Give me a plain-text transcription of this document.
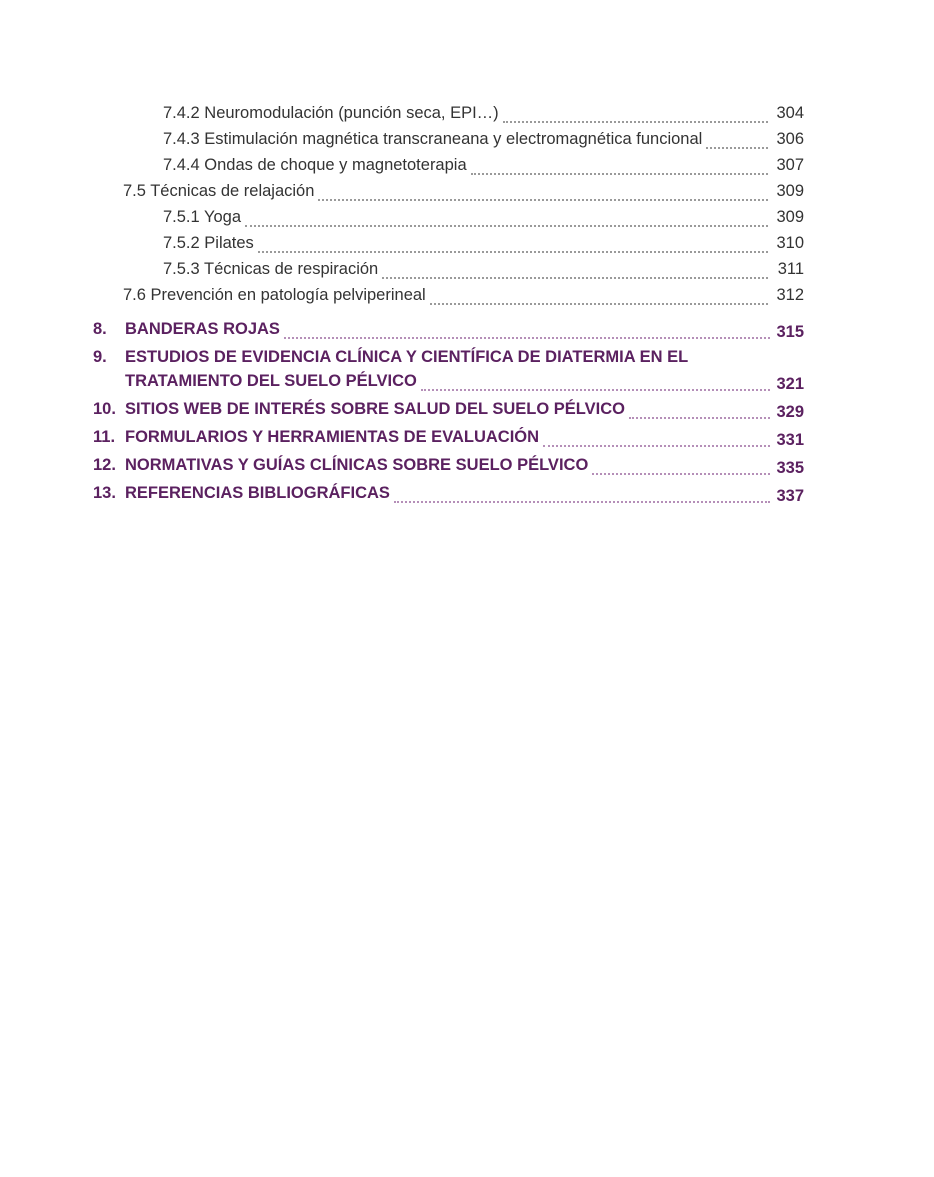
7.4.2 Neuromodulación (punción seca, EPI…)	304
7.4.3 Estimulación magnética transcraneana y electromagnética funcional	306
7.4.4 Ondas de choque y magnetoterapia	307
7.5 Técnicas de relajación	309
7.5.1 Yoga	309
7.5.2 Pilates	310
7.5.3 Técnicas de respiración	311
7.6 Prevención en patología pelviperineal	312
8.	BANDERAS ROJAS	315
9. ESTUDIOS DE EVIDENCIA CLÍNICA Y CIENTÍFICA DE DIATERMIA EN EL
TRATAMIENTO DEL SUELO PÉLVICO	321
10. SITIOS WEB DE INTERÉS SOBRE SALUD DEL SUELO PÉLVICO	329
11. FORMULARIOS Y HERRAMIENTAS DE EVALUACIÓN	331
12. NORMATIVAS Y GUÍAS CLÍNICAS SOBRE SUELO PÉLVICO	335
13. REFERENCIAS BIBLIOGRÁFICAS	337
